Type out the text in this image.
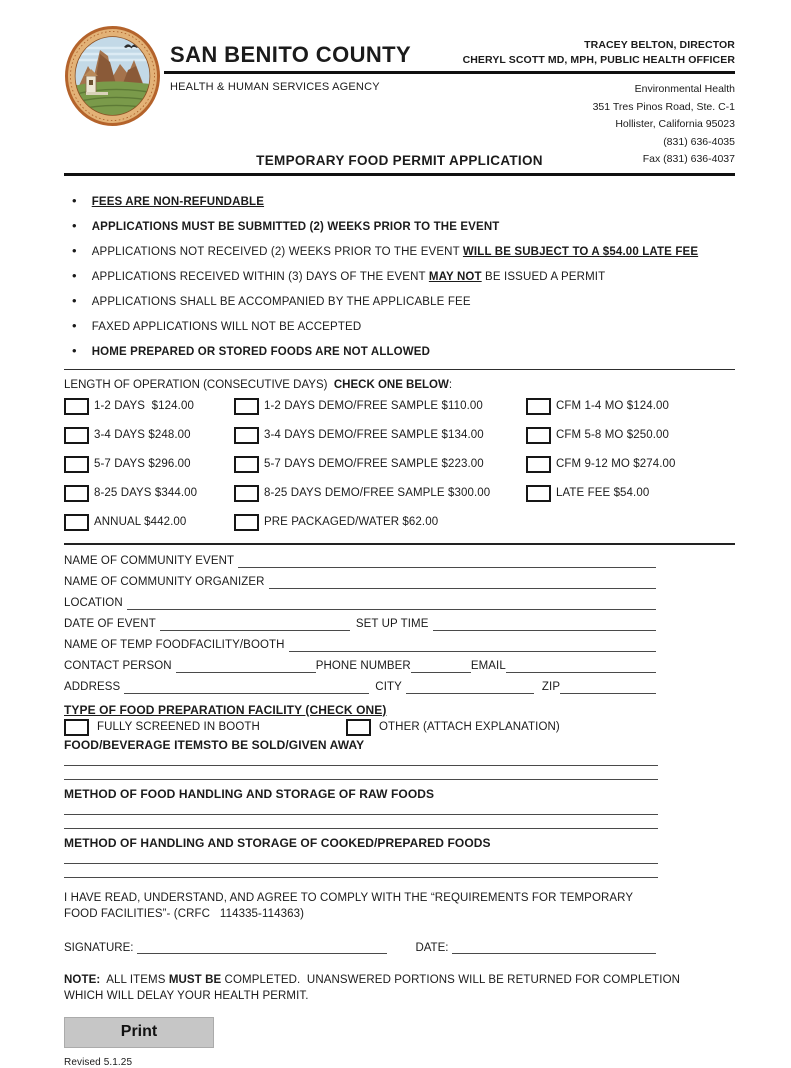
SAN BENITO COUNTY	TRACEY BELTON, DIRECTOR
CHERYL SCOTT MD, MPH, PUBLIC HEALTH OFFICER
HEALTH & HUMAN SERVICES AGENCY	Environmental Health
351 Tres Pinos Road, Ste. C-1
Hollister, California 95023
(831) 636-4035
Fax (831) 636-4037
TEMPORARY FOOD PERMIT APPLICATION
• FEES ARE NON-REFUNDABLE
• APPLICATIONS MUST BE SUBMITTED (2) WEEKS PRIOR TO THE EVENT
• APPLICATIONS NOT RECEIVED (2) WEEKS PRIOR TO THE EVENT WILL BE SUBJECT TO A $54.00 LATE FEE
• APPLICATIONS RECEIVED WITHIN (3) DAYS OF THE EVENT MAY NOT BE ISSUED A PERMIT
• APPLICATIONS SHALL BE ACCOMPANIED BY THE APPLICABLE FEE
• FAXED APPLICATIONS WILL NOT BE ACCEPTED
• HOME PREPARED OR STORED FOODS ARE NOT ALLOWED
LENGTH OF OPERATION (CONSECUTIVE DAYS)  CHECK ONE BELOW:
1-2 DAYS  $124.00	1-2 DAYS DEMO/FREE SAMPLE $110.00	CFM 1-4 MO $124.00
3-4 DAYS $248.00	3-4 DAYS DEMO/FREE SAMPLE $134.00	CFM 5-8 MO $250.00
5-7 DAYS $296.00	5-7 DAYS DEMO/FREE SAMPLE $223.00	CFM 9-12 MO $274.00
8-25 DAYS $344.00	8-25 DAYS DEMO/FREE SAMPLE $300.00	LATE FEE $54.00
ANNUAL $442.00	PRE PACKAGED/WATER $62.00
NAME OF COMMUNITY EVENT
NAME OF COMMUNITY ORGANIZER
LOCATION
DATE OF EVENT	SET UP TIME
NAME OF TEMP FOODFACILITY/BOOTH
CONTACT PERSON	PHONE NUMBER	EMAIL
ADDRESS	CITY	ZIP
TYPE OF FOOD PREPARATION FACILITY (CHECK ONE)
FULLY SCREENED IN BOOTH	OTHER (ATTACH EXPLANATION)
FOOD/BEVERAGE ITEMSTO BE SOLD/GIVEN AWAY
METHOD OF FOOD HANDLING AND STORAGE OF RAW FOODS
METHOD OF HANDLING AND STORAGE OF COOKED/PREPARED FOODS
I HAVE READ, UNDERSTAND, AND AGREE TO COMPLY WITH THE “REQUIREMENTS FOR TEMPORARY FOOD FACILITIES”- (CRFC   114335-114363)
SIGNATURE:	DATE:
NOTE:  ALL ITEMS MUST BE COMPLETED.  UNANSWERED PORTIONS WILL BE RETURNED FOR COMPLETION WHICH WILL DELAY YOUR HEALTH PERMIT.
Print
Revised 5.1.25
